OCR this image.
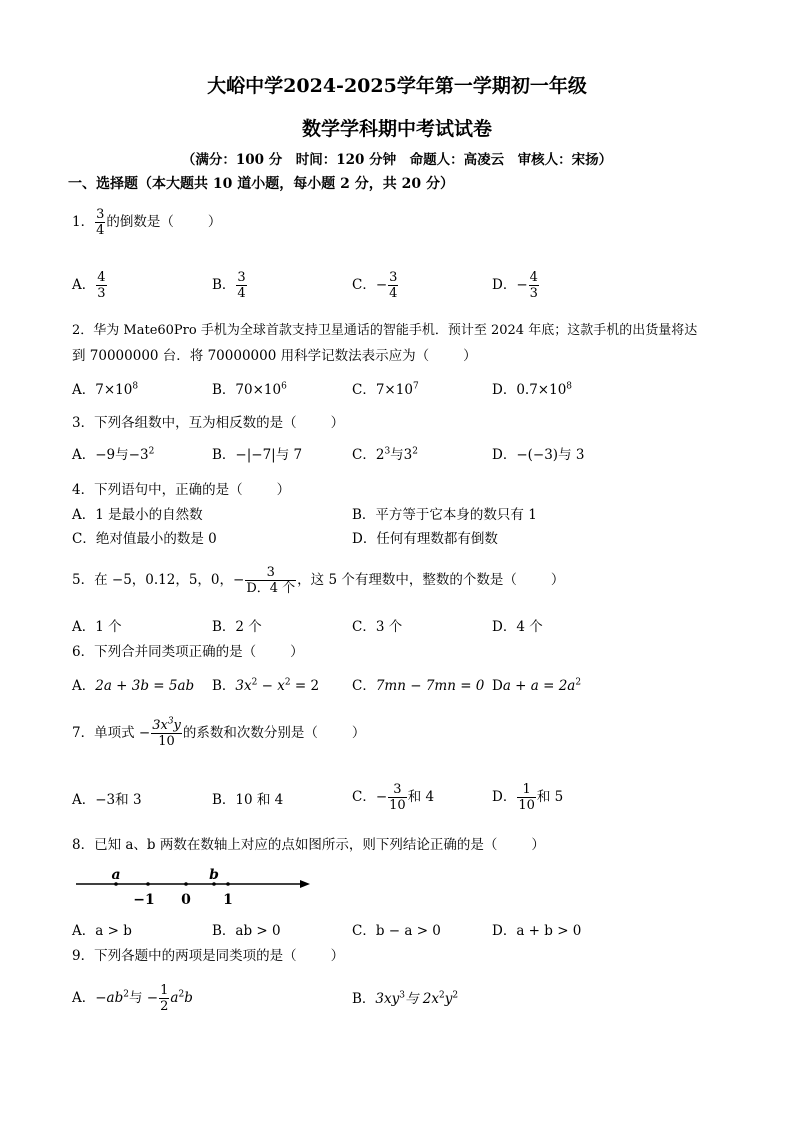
大峪中学2024-2025学年第一学期初一年级
数学学科期中考试试卷
（满分：100 分　时间：120 分钟　命题人：高凌云　审核人：宋扬）
一、选择题（本大题共 10 道小题，每小题 2 分，共 20 分）
1． $\frac{3}{4}$ 的倒数是（	）
A． $\frac{4}{3}$	B． $\frac{3}{4}$	C．− $\frac{3}{4}$	D．− $\frac{4}{3}$
2．华为 Mate60Pro 手机为全球首款支持卫星通话的智能手机．预计至 2024 年底；这款手机的出货量将达
到 70000000 台．将 70000000 用科学记数法表示应为（	）
A．$7\times 10^8$	B．$70\times 10^6$	C．$7\times 10^7$	D．$0.7\times 10^8$
3．下列各组数中，互为相反数的是（	）
A．−9与$-3^2$	B．−|−7|与 7	C．$2^3$与$3^2$	D．−(−3)与 3
4．下列语句中，正确的是（	）
A．1 是最小的自然数	B．平方等于它本身的数只有 1
C．绝对值最小的数是 0	D．任何有理数都有倒数
5．在 −5，0.12，5，0，− $\frac{3}{\text{D．4 个}}$ ，这 5 个有理数中，整数的个数是（	）
A．1 个	B．2 个	C．3 个	D．4 个
6．下列合并同类项正确的是（	）
A．2a + 3b = 5ab B．$3x^2 - x^2 = 2$ C．7mn − 7mn = 0 $Da + a = 2a^2$
7．单项式 − $\frac{3x^3y}{10}$ 的系数和次数分别是（	）
A．−3和 3	B．10 和 4	C．− $\frac{3}{10}$ 和 4	D． $\frac{1}{10}$ 和 5
8．已知 a、b 两数在数轴上对应的点如图所示，则下列结论正确的是（	）
a	b
−1 0 1
A．a > b	B．ab > 0	C．b − a > 0	D．a + b > 0
9．下列各题中的两项是同类项的是（	）
A．$-ab^2$与 − $\frac{1}{2} a^2b$	B．$3xy^3$与 $2x^2y^2$
